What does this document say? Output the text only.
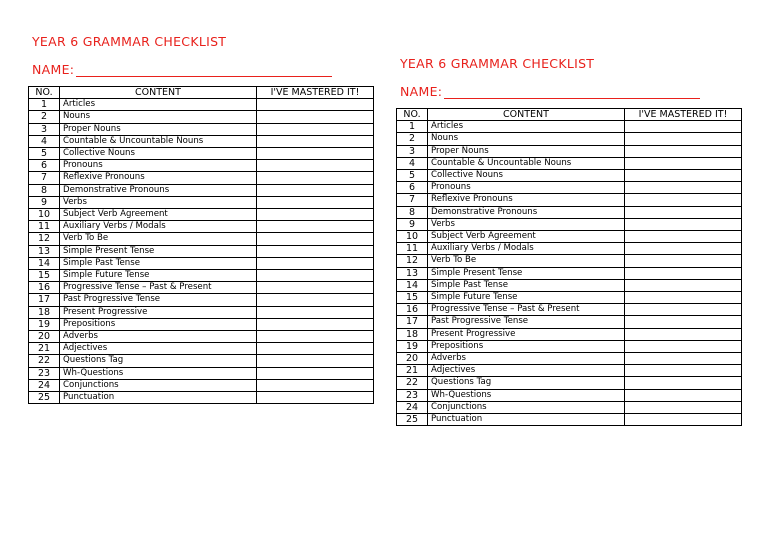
YEAR 6 GRAMMAR CHECKLIST
NAME:
NO.	CONTENT	I'VE MASTERED IT!
1	Articles	
2	Nouns	
3	Proper Nouns	
4	Countable & Uncountable Nouns	
5	Collective Nouns	
6	Pronouns	
7	Reflexive Pronouns	
8	Demonstrative Pronouns	
9	Verbs	
10	Subject Verb Agreement	
11	Auxiliary Verbs / Modals	
12	Verb To Be	
13	Simple Present Tense	
14	Simple Past Tense	
15	Simple Future Tense	
16	Progressive Tense – Past & Present	
17	Past Progressive Tense	
18	Present Progressive	
19	Prepositions	
20	Adverbs	
21	Adjectives	
22	Questions Tag	
23	Wh-Questions	
24	Conjunctions	
25	Punctuation	
YEAR 6 GRAMMAR CHECKLIST
NAME:
NO.	CONTENT	I'VE MASTERED IT!
1	Articles	
2	Nouns	
3	Proper Nouns	
4	Countable & Uncountable Nouns	
5	Collective Nouns	
6	Pronouns	
7	Reflexive Pronouns	
8	Demonstrative Pronouns	
9	Verbs	
10	Subject Verb Agreement	
11	Auxiliary Verbs / Modals	
12	Verb To Be	
13	Simple Present Tense	
14	Simple Past Tense	
15	Simple Future Tense	
16	Progressive Tense – Past & Present	
17	Past Progressive Tense	
18	Present Progressive	
19	Prepositions	
20	Adverbs	
21	Adjectives	
22	Questions Tag	
23	Wh-Questions	
24	Conjunctions	
25	Punctuation	
